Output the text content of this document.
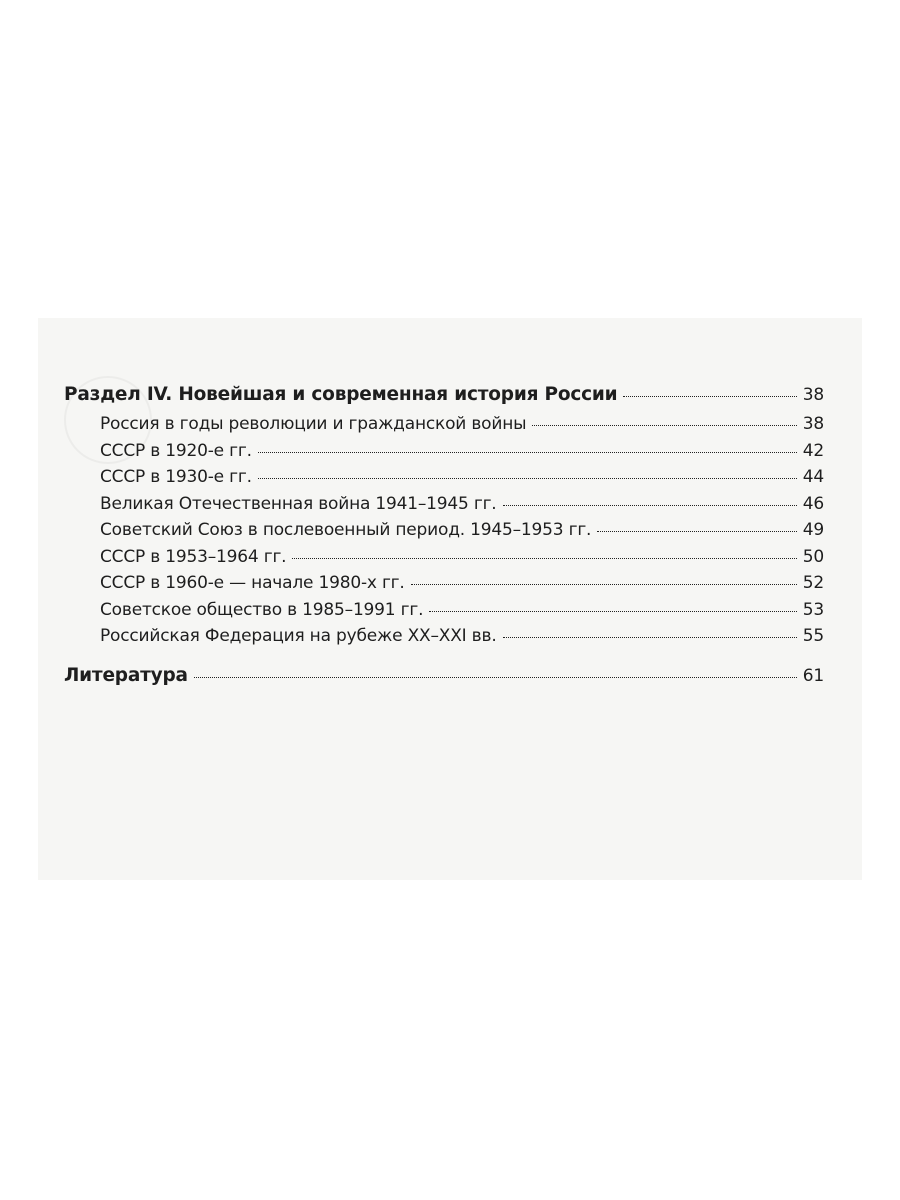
Раздел IV. Новейшая и современная история России	38
Россия в годы революции и гражданской войны	38
СССР в 1920-е гг.	42
СССР в 1930-е гг.	44
Великая Отечественная война 1941–1945 гг.	46
Советский Союз в послевоенный период. 1945–1953 гг.	49
СССР в 1953–1964 гг.	50
СССР в 1960-е — начале 1980-х гг.	52
Советское общество в 1985–1991 гг.	53
Российская Федерация на рубеже XX–XXI вв.	55
Литература	61
